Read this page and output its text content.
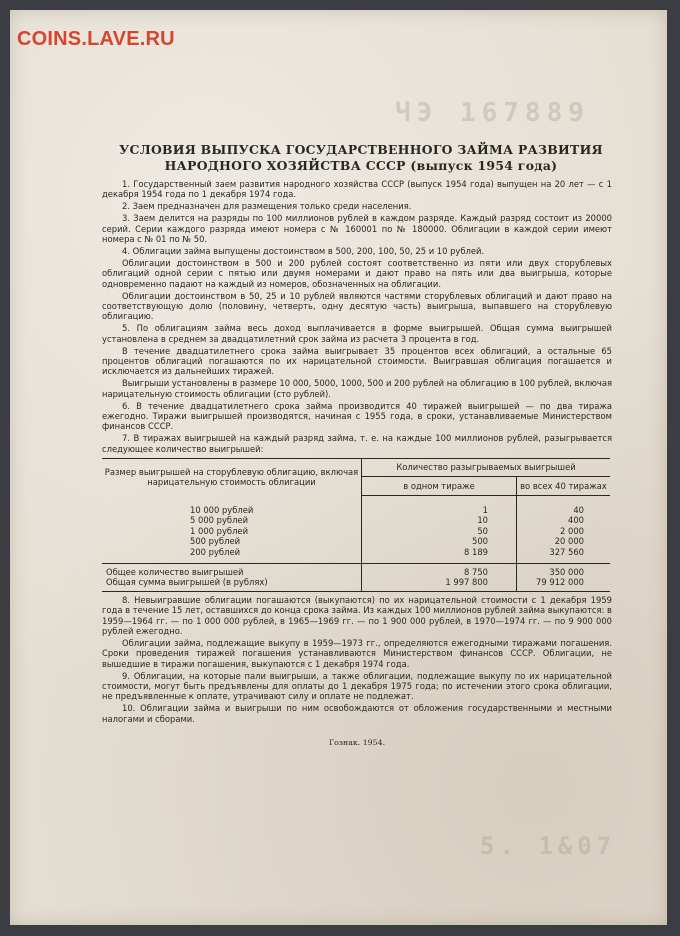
ЧЭ 167889
5. 1&07
УСЛОВИЯ ВЫПУСКА ГОСУДАРСТВЕННОГО ЗАЙМА РАЗВИТИЯ
НАРОДНОГО ХОЗЯЙСТВА СССР (выпуск 1954 года)
1. Государственный заем развития народного хозяйства СССР (выпуск 1954 года) выпущен на 20 лет — с 1 декабря 1954 года по 1 декабря 1974 года.
2. Заем предназначен для размещения только среди населения.
3. Заем делится на разряды по 100 миллионов рублей в каждом разряде. Каждый разряд состоит из 20000 серий. Серии каждого разряда имеют номера с № 160001 по № 180000. Облигации в каждой серии имеют номера с № 01 по № 50.
4. Облигации займа выпущены достоинством в 500, 200, 100, 50, 25 и 10 рублей.
Облигации достоинством в 500 и 200 рублей состоят соответственно из пяти или двух сторублевых облигаций одной серии с пятью или двумя номерами и дают право на пять или два выигрыша, которые одновременно падают на каждый из номеров, обозначенных на облигации.
Облигации достоинством в 50, 25 и 10 рублей являются частями сторублевых облигаций и дают право на соответствующую долю (половину, четверть, одну десятую часть) выигрыша, выпавшего на сторублевую облигацию.
5. По облигациям займа весь доход выплачивается в форме выигрышей. Общая сумма выигрышей установлена в среднем за двадцатилетний срок займа из расчета 3 процента в год.
В течение двадцатилетнего срока займа выигрывает 35 процентов всех облигаций, а остальные 65 процентов облигаций погашаются по их нарицательной стоимости. Выигравшая облигация погашается и исключается из дальнейших тиражей.
Выигрыши установлены в размере 10 000, 5000, 1000, 500 и 200 рублей на облигацию в 100 рублей, включая нарицательную стоимость облигации (сто рублей).
6. В течение двадцатилетнего срока займа производится 40 тиражей выигрышей — по два тиража ежегодно. Тиражи выигрышей производятся, начиная с 1955 года, в сроки, устанавливаемые Министерством финансов СССР.
7. В тиражах выигрышей на каждый разряд займа, т. е. на каждые 100 миллионов рублей, разыгрывается следующее количество выигрышей:
Размер выигрышей на сторублевую облигацию, включая нарицательную стоимость облигации	Количество разыгрываемых выигрышей	
	в одном тираже	во всех 40 тиражах
10 000 рублей	1	40
5 000 рублей	10	400
1 000 рублей	50	2 000
500 рублей	500	20 000
200 рублей	8 189	327 560
Общее количество выигрышей	8 750	350 000
Общая сумма выигрышей (в рублях)	1 997 800	79 912 000
8. Невыигравшие облигации погашаются (выкупаются) по их нарицательной стоимости с 1 декабря 1959 года в течение 15 лет, оставшихся до конца срока займа. Из каждых 100 миллионов рублей займа выкупаются: в 1959—1964 гг. — по 1 000 000 рублей, в 1965—1969 гг. — по 1 900 000 рублей, в 1970—1974 гг. — по 9 900 000 рублей ежегодно.
Облигации займа, подлежащие выкупу в 1959—1973 гг., определяются ежегодными тиражами погашения. Сроки проведения тиражей погашения устанавливаются Министерством финансов СССР. Облигации, не вышедшие в тиражи погашения, выкупаются с 1 декабря 1974 года.
9. Облигации, на которые пали выигрыши, а также облигации, подлежащие выкупу по их нарицательной стоимости, могут быть предъявлены для оплаты до 1 декабря 1975 года; по истечении этого срока облигации, не предъявленные к оплате, утрачивают силу и оплате не подлежат.
10. Облигации займа и выигрыши по ним освобождаются от обложения государственными и местными налогами и сборами.
Гознак. 1954.
COINS.LAVE.RU
